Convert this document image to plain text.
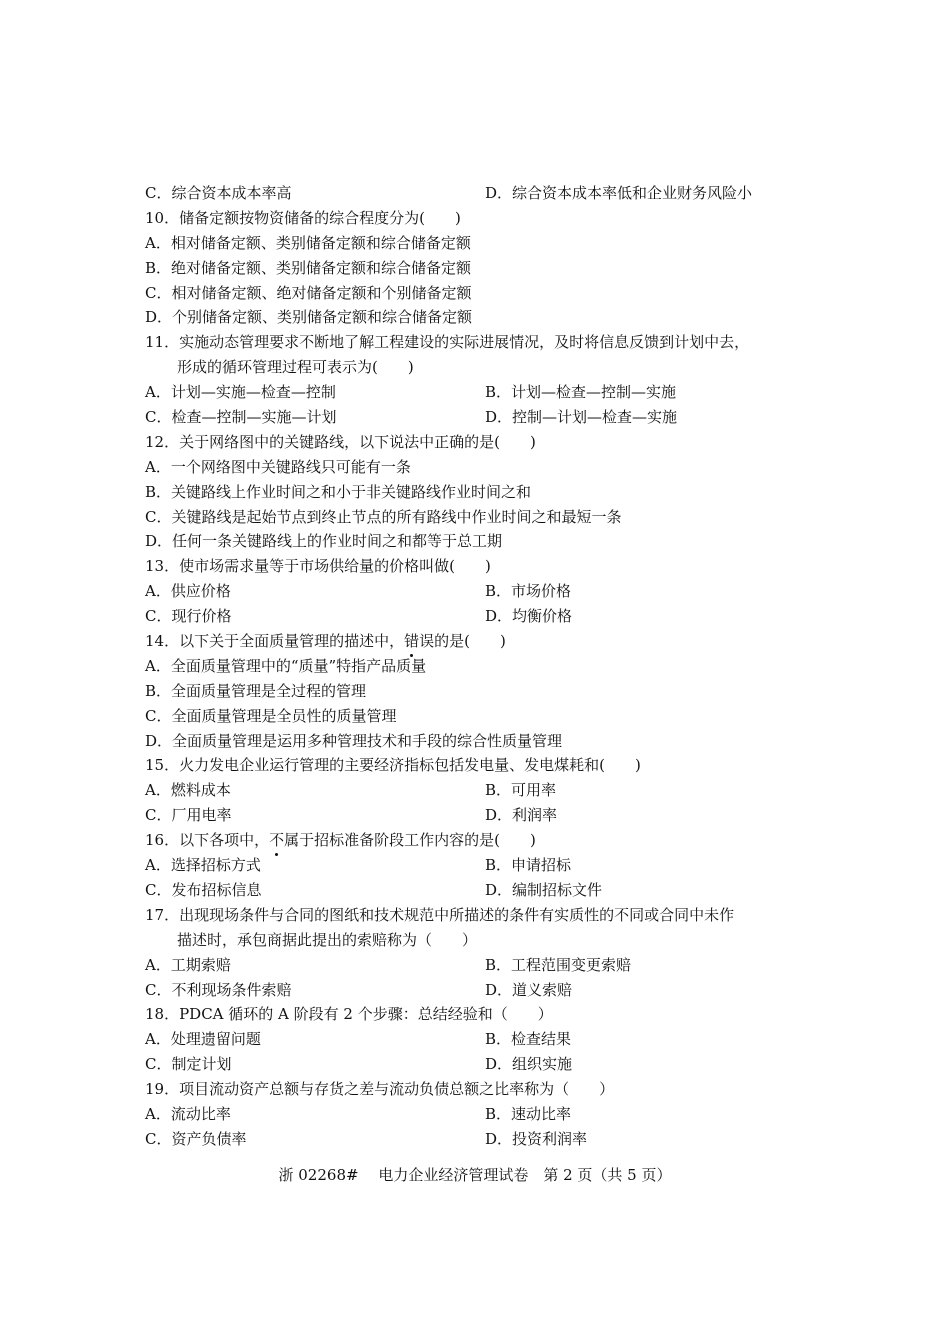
C．综合资本成本率高	D．综合资本成本率低和企业财务风险小
10．储备定额按物资储备的综合程度分为(　　)
A．相对储备定额、类别储备定额和综合储备定额
B．绝对储备定额、类别储备定额和综合储备定额
C．相对储备定额、绝对储备定额和个别储备定额
D．个别储备定额、类别储备定额和综合储备定额
11．实施动态管理要求不断地了解工程建设的实际进展情况，及时将信息反馈到计划中去，
形成的循环管理过程可表示为(　　)
A．计划—实施—检查—控制	B．计划—检查—控制—实施
C．检查—控制—实施—计划	D．控制—计划—检查—实施
12．关于网络图中的关键路线，以下说法中正确的是(　　)
A．一个网络图中关键路线只可能有一条
B．关键路线上作业时间之和小于非关键路线作业时间之和
C．关键路线是起始节点到终止节点的所有路线中作业时间之和最短一条
D．任何一条关键路线上的作业时间之和都等于总工期
13．使市场需求量等于市场供给量的价格叫做(　　)
A．供应价格	B．市场价格
C．现行价格	D．均衡价格
14．以下关于全面质量管理的描述中，错误的是(　　)
A．全面质量管理中的“质量”特指产品质量
B．全面质量管理是全过程的管理
C．全面质量管理是全员性的质量管理
D．全面质量管理是运用多种管理技术和手段的综合性质量管理
15．火力发电企业运行管理的主要经济指标包括发电量、发电煤耗和(　　)
A．燃料成本	B．可用率
C．厂用电率	D．利润率
16．以下各项中，不属于招标准备阶段工作内容的是(　　)
A．选择招标方式	B．申请招标
C．发布招标信息	D．编制招标文件
17．出现现场条件与合同的图纸和技术规范中所描述的条件有实质性的不同或合同中未作
描述时，承包商据此提出的索赔称为（　　）
A．工期索赔	B．工程范围变更索赔
C．不利现场条件索赔	D．道义索赔
18．PDCA 循环的 A 阶段有 2 个步骤：总结经验和（　　）
A．处理遗留问题	B．检查结果
C．制定计划	D．组织实施
19．项目流动资产总额与存货之差与流动负债总额之比率称为（　　）
A．流动比率	B．速动比率
C．资产负债率	D．投资利润率
浙 02268#　 电力企业经济管理试卷　第 2 页（共 5 页）
